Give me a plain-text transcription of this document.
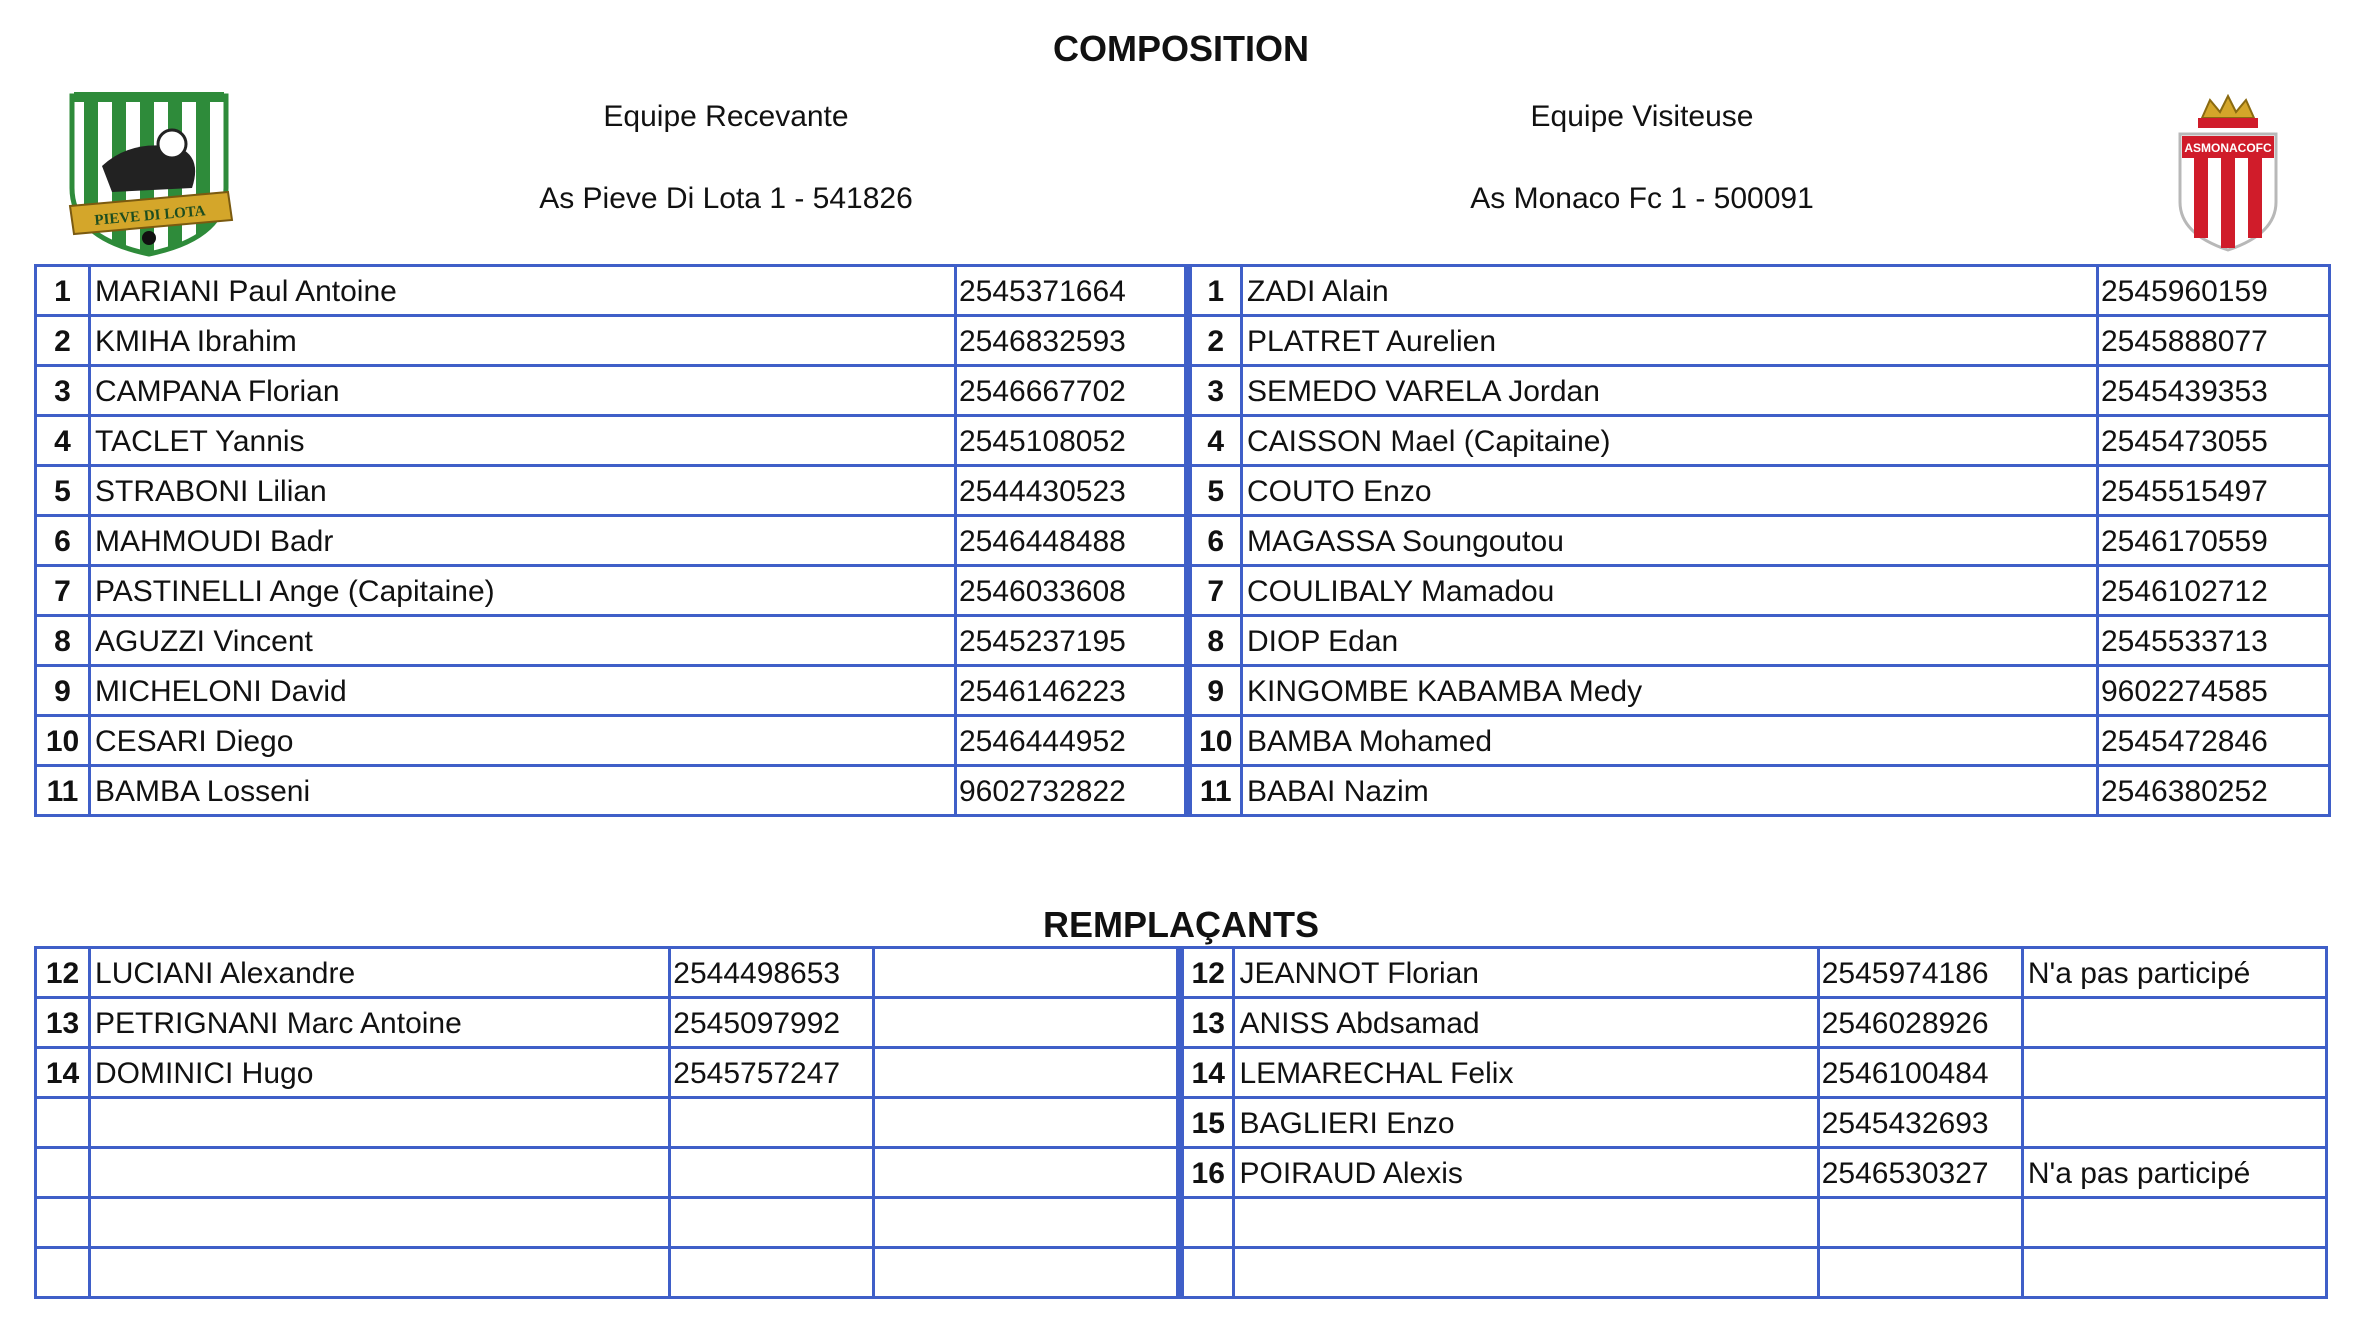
COMPOSITION
PIEVE DI LOTA
ASMONACOFC
Equipe Recevante
As Pieve Di Lota 1 - 541826
Equipe Visiteuse
As Monaco Fc 1 - 500091
1	MARIANI Paul Antoine	2545371664	1	ZADI Alain	2545960159
2	KMIHA Ibrahim	2546832593	2	PLATRET Aurelien	2545888077
3	CAMPANA Florian	2546667702	3	SEMEDO VARELA Jordan	2545439353
4	TACLET Yannis	2545108052	4	CAISSON Mael (Capitaine)	2545473055
5	STRABONI Lilian	2544430523	5	COUTO Enzo	2545515497
6	MAHMOUDI Badr	2546448488	6	MAGASSA Soungoutou	2546170559
7	PASTINELLI Ange (Capitaine)	2546033608	7	COULIBALY Mamadou	2546102712
8	AGUZZI Vincent	2545237195	8	DIOP Edan	2545533713
9	MICHELONI David	2546146223	9	KINGOMBE KABAMBA Medy	9602274585
10	CESARI Diego	2546444952	10	BAMBA Mohamed	2545472846
11	BAMBA Losseni	9602732822	11	BABAI Nazim	2546380252
REMPLAÇANTS
12	LUCIANI Alexandre	2544498653		12	JEANNOT Florian	2545974186	N'a pas participé
13	PETRIGNANI Marc Antoine	2545097992		13	ANISS Abdsamad	2546028926	
14	DOMINICI Hugo	2545757247		14	LEMARECHAL Felix	2546100484	
				15	BAGLIERI Enzo	2545432693	
				16	POIRAUD Alexis	2546530327	N'a pas participé
